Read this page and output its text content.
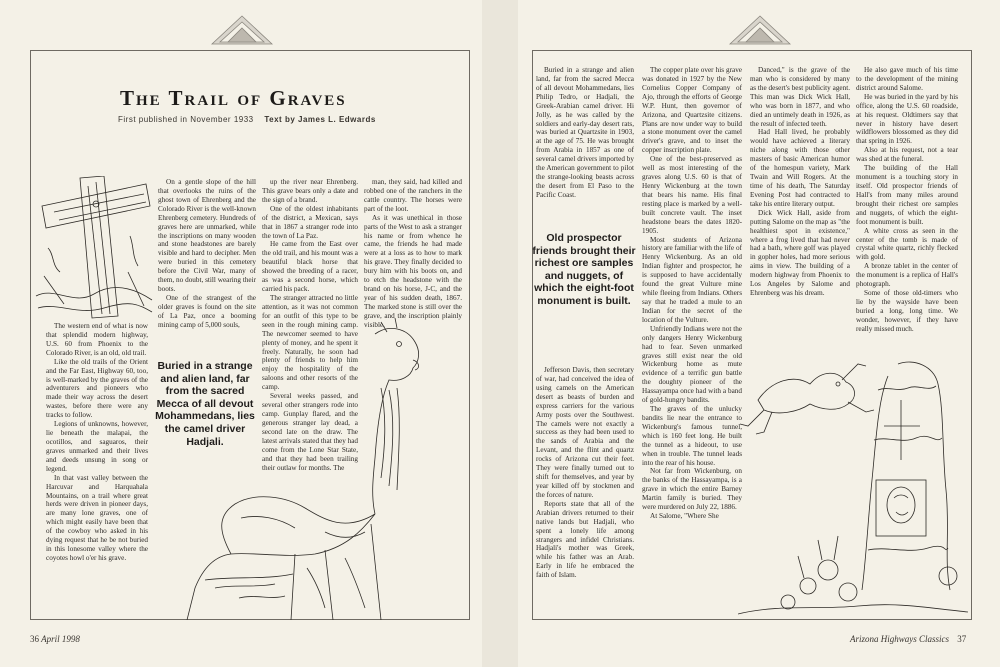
The Trail of Graves
First published in November 1933 Text by James L. Edwards

The western end of what is now that splendid modern highway, U.S. 60 from Phoenix to the Colorado River, is an old, old trail.

Like the old trails of the Orient and the Far East, Highway 60, too, is well-marked by the graves of the adventurers and pioneers who made their way across the desert wastes, before there were any tracks to follow.

Legions of unknowns, however, lie beneath the malapai, the ocotillos, and saguaros, their graves unmarked and their lives and deeds unsung in song or legend.

In that vast valley between the Harcuvar and Harquahala Mountains, on a trail where great herds were driven in pioneer days, are many lone graves, one of which might easily have been that of the cowboy who asked in his dying request that he be not buried in this lonesome valley where the coyotes howl o'er his grave.

On a gentle slope of the hill that overlooks the ruins of the ghost town of Ehrenberg and the Colorado River is the well-known Ehrenberg cemetery. Hundreds of graves here are unmarked, while the inscriptions on many wooden and stone headstones are barely visible and hard to decipher. Men were buried in this cemetery before the Civil War, many of them, no doubt, still wearing their boots.

One of the strangest of the older graves is found on the site of La Paz, once a booming mining camp of 5,000 souls,

up the river near Ehrenberg. This grave bears only a date and the sign of a brand.

One of the oldest inhabitants of the district, a Mexican, says that in 1867 a stranger rode into the town of La Paz.

He came from the East over the old trail, and his mount was a beautiful black horse that showed the breeding of a racer, as was a second horse, which carried his pack.

The stranger attracted no little attention, as it was not common for an outfit of this type to be seen in the rough mining camp. The newcomer seemed to have plenty of money, and he spent it freely. Naturally, he soon had plenty of friends to help him enjoy the hospitality of the saloons and other resorts of the camp.

Several weeks passed, and several other strangers rode into camp. Gunplay flared, and the generous stranger lay dead, a second late on the draw. The latest arrivals stated that they had come from the Lone Star State, and that they had been trailing their outlaw for months. The

man, they said, had killed and robbed one of the ranchers in the cattle country. The horses were part of the loot.

As it was unethical in those parts of the West to ask a stranger his name or from whence he came, the friends he had made were at a loss as to how to mark his grave. They finally decided to bury him with his boots on, and to etch the headstone with the brand on his horse, J-C, and the year of his sudden death, 1867. The marked stone is still over the grave, and the inscription plainly visible.

Buried in a strange and alien land, far from the sacred Mecca of all devout Mohammedans, lies the camel driver Hadjali.
36 April 1998

Buried in a strange and alien land, far from the sacred Mecca of all devout Mohammedans, lies Philip Tedro, or Hadjali, the Greek-Arabian camel driver. Hi Jolly, as he was called by the soldiers and early-day desert rats, was buried at Quartzsite in 1903, at the age of 75. He was brought from Arabia in 1857 as one of several camel drivers imported by the American government to pilot the strange-looking beasts across the desert from El Paso to the Pacific Coast.

Old prospector friends brought their richest ore samples and nuggets, of which the eight-foot monument is built.

Jefferson Davis, then secretary of war, had conceived the idea of using camels on the American desert as beasts of burden and express carriers for the various Army posts over the Southwest. The camels were not exactly a success as they had been used to the sands of Arabia and the Levant, and the flint and quartz rocks of Arizona cut their feet. They were finally turned out to shift for themselves, and year by year killed off by stockmen and the forces of nature.

Reports state that all of the Arabian drivers returned to their native lands but Hadjali, who spent a lonely life among strangers and infidel Christians. Hadjali's mother was Greek, while his father was an Arab. Early in life he embraced the faith of Islam.

The copper plate over his grave was donated in 1927 by the New Cornelius Copper Company of Ajo, through the efforts of George W.P. Hunt, then governor of Arizona, and Quartzsite citizens. Plans are now under way to build a stone monument over the camel driver's grave, and to inset the copper inscription plate.

One of the best-preserved as well as most interesting of the graves along U.S. 60 is that of Henry Wickenburg at the town that bears his name. His final resting place is marked by a well-built concrete vault. The inset headstone bears the dates 1820-1905.

Most students of Arizona history are familiar with the life of Henry Wickenburg. As an old Indian fighter and prospector, he is supposed to have accidentally found the great Vulture mine while fleeing from Indians. Others say that he traded a mule to an Indian for the secret of the location of the Vulture.

Unfriendly Indians were not the only dangers Henry Wickenburg had to fear. Seven unmarked graves still exist near the old Wickenburg home as mute evidence of a terrific gun battle the doughty pioneer of the Hassayampa once had with a band of gold-hungry bandits.

The graves of the unlucky bandits lie near the entrance to Wickenburg's famous tunnel, which is 160 feet long. He built the tunnel as a hideout, to use when in trouble. The tunnel leads into the rear of his house.

Not far from Wickenburg, on the banks of the Hassayampa, is a grave in which the entire Barney Martin family is buried. They were murdered on July 22, 1886.

At Salome, "Where She

Danced," is the grave of the man who is considered by many as the desert's best publicity agent. This man was Dick Wick Hall, who was born in 1877, and who died an untimely death in 1926, as the result of infected teeth.

Had Hall lived, he probably would have achieved a literary niche along with those other masters of basic American humor of the homespun variety, Mark Twain and Will Rogers. At the time of his death, The Saturday Evening Post had contracted to take his entire literary output.

Dick Wick Hall, aside from putting Salome on the map as "the healthiest spot in existence," where a frog lived that had never had a bath, where golf was played in gopher holes, had more serious aims in view. The building of a modern highway from Phoenix to Los Angeles by Salome and Ehrenberg was his dream.

He also gave much of his time to the development of the mining district around Salome.

He was buried in the yard by his office, along the U.S. 60 roadside, at his request. Oldtimers say that never in history have desert wildflowers blossomed as they did that spring in 1926.

Also at his request, not a tear was shed at the funeral.

The building of the Hall monument is a touching story in itself. Old prospector friends of Hall's from many miles around brought their richest ore samples and nuggets, of which the eight-foot monument is built.

A white cross as seen in the center of the tomb is made of crystal white quartz, richly flecked with gold.

A bronze tablet in the center of the monument is a replica of Hall's photograph.

Some of those old-timers who lie by the wayside have been buried a long, long time. We wonder, however, if they have really missed much.

Arizona Highways Classics 37
